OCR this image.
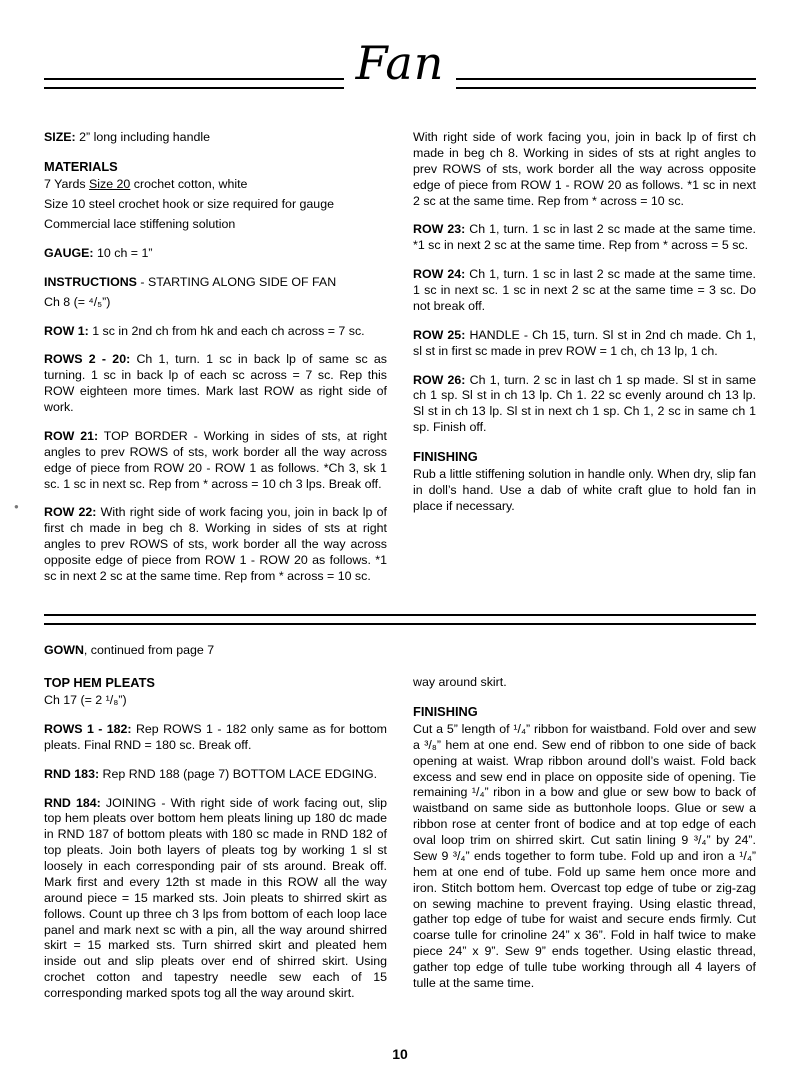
Fan
●

SIZE: 2” long including handle

MATERIALS

7 Yards Size 20 crochet cotton, white

Size 10 steel crochet hook or size required for gauge

Commercial lace stiffening solution

GAUGE: 10 ch = 1”

INSTRUCTIONS - STARTING ALONG SIDE OF FAN

Ch 8 (= ⁴/₅”)

ROW 1: 1 sc in 2nd ch from hk and each ch across = 7 sc.

ROWS 2 - 20: Ch 1, turn. 1 sc in back lp of same sc as turning. 1 sc in back lp of each sc across = 7 sc. Rep this ROW eighteen more times. Mark last ROW as right side of work.

ROW 21: TOP BORDER - Working in sides of sts, at right angles to prev ROWS of sts, work border all the way across edge of piece from ROW 20 - ROW 1 as follows. *Ch 3, sk 1 sc. 1 sc in next sc. Rep from * across = 10 ch 3 lps. Break off.

ROW 22: With right side of work facing you, join in back lp of first ch made in beg ch 8. Working in sides of sts at right angles to prev ROWS of sts, work border all the way across opposite edge of piece from ROW 1 - ROW 20 as follows. *1 sc in next 2 sc at the same time. Rep from * across = 10 sc.

With right side of work facing you, join in back lp of first ch made in beg ch 8. Working in sides of sts at right angles to prev ROWS of sts, work border all the way across opposite edge of piece from ROW 1 - ROW 20 as follows. *1 sc in next 2 sc at the same time. Rep from * across = 10 sc.

ROW 23: Ch 1, turn. 1 sc in last 2 sc made at the same time. *1 sc in next 2 sc at the same time. Rep from * across = 5 sc.

ROW 24: Ch 1, turn. 1 sc in last 2 sc made at the same time. 1 sc in next sc. 1 sc in next 2 sc at the same time = 3 sc. Do not break off.

ROW 25: HANDLE - Ch 15, turn. Sl st in 2nd ch made. Ch 1, sl st in first sc made in prev ROW = 1 ch, ch 13 lp, 1 ch.

ROW 26: Ch 1, turn. 2 sc in last ch 1 sp made. Sl st in same ch 1 sp. Sl st in ch 13 lp. Ch 1. 22 sc evenly around ch 13 lp. Sl st in ch 13 lp. Sl st in next ch 1 sp. Ch 1, 2 sc in same ch 1 sp. Finish off.

FINISHING

Rub a little stiffening solution in handle only. When dry, slip fan in doll’s hand. Use a dab of white craft glue to hold fan in place if necessary.

GOWN, continued from page 7

TOP HEM PLEATS

Ch 17 (= 2 ¹/₈”)

ROWS 1 - 182: Rep ROWS 1 - 182 only same as for bottom pleats. Final RND = 180 sc. Break off.

RND 183: Rep RND 188 (page 7) BOTTOM LACE EDGING.

RND 184: JOINING - With right side of work facing out, slip top hem pleats over bottom hem pleats lining up 180 dc made in RND 187 of bottom pleats with 180 sc made in RND 182 of top pleats. Join both layers of pleats tog by working 1 sl st loosely in each corresponding pair of sts around. Break off. Mark first and every 12th st made in this ROW all the way around piece = 15 marked sts. Join pleats to shirred skirt as follows. Count up three ch 3 lps from bottom of each loop lace panel and mark next sc with a pin, all the way around shirred skirt = 15 marked sts. Turn shirred skirt and pleated hem inside out and slip pleats over end of shirred skirt. Using crochet cotton and tapestry needle sew each of 15 corresponding marked spots tog all the way around skirt.

way around skirt.

FINISHING

Cut a 5” length of ¹/₄” ribbon for waistband. Fold over and sew a ³/₈” hem at one end. Sew end of ribbon to one side of back opening at waist. Wrap ribbon around doll’s waist. Fold back excess and sew end in place on opposite side of opening. Tie remaining ¹/₄” ribon in a bow and glue or sew bow to back of waistband on same side as buttonhole loops. Glue or sew a ribbon rose at center front of bodice and at top edge of each oval loop trim on shirred skirt. Cut satin lining 9 ³/₄” by 24”. Sew 9 ³/₄” ends together to form tube. Fold up and iron a ¹/₄” hem at one end of tube. Fold up same hem once more and iron. Stitch bottom hem. Overcast top edge of tube or zig-zag on sewing machine to prevent fraying. Using elastic thread, gather top edge of tube for waist and secure ends firmly. Cut coarse tulle for crinoline 24” x 36”. Fold in half twice to make piece 24” x 9”. Sew 9” ends together. Using elastic thread, gather top edge of tulle tube working through all 4 layers of tulle at the same time.

10
